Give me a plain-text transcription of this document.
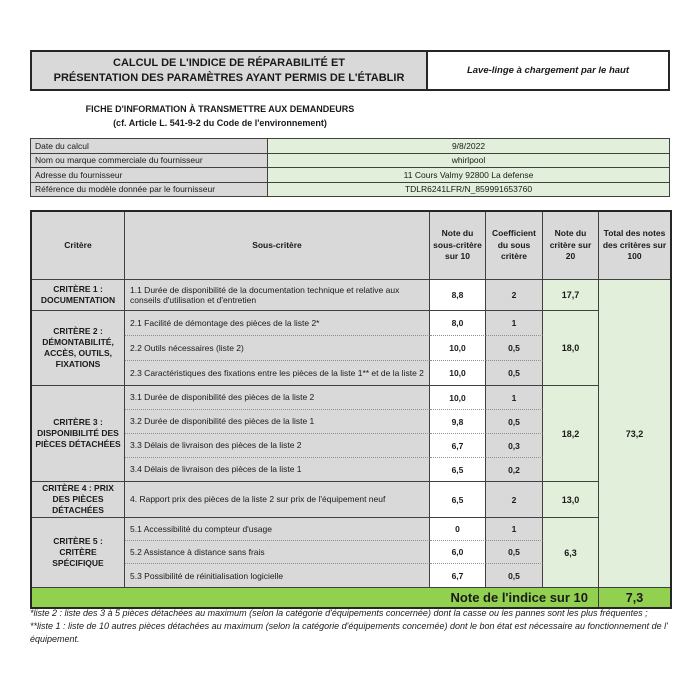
CALCUL DE L'INDICE DE RÉPARABILITÉ ET
PRÉSENTATION DES PARAMÈTRES AYANT PERMIS DE L'ÉTABLIR
Lave-linge à chargement par le haut
FICHE D'INFORMATION À TRANSMETTRE AUX DEMANDEURS
(cf. Article L. 541-9-2 du Code de l'environnement)
Date du calcul	9/8/2022
Nom ou marque commerciale du fournisseur	whirlpool
Adresse du fournisseur	11 Cours Valmy 92800 La defense
Référence du modèle donnée par le fournisseur	TDLR6241LFR/N_859991653760
Critère	Sous-critère	Note du sous-critère sur 10	Coefficient du sous critère	Note du critère sur 20	Total des notes des critères sur 100
CRITÈRE 1 : DOCUMENTATION	1.1 Durée de disponibilité de la documentation technique et relative aux conseils d'utilisation et d'entretien	8,8	2	17,7	73,2
CRITÈRE 2 : DÉMONTABILITÉ, ACCÈS, OUTILS, FIXATIONS	2.1 Facilité de démontage des pièces de la liste 2*	8,0	1	18,0	
	2.2 Outils nécessaires (liste 2)	10,0	0,5		
	2.3 Caractéristiques des fixations entre les pièces de la liste 1** et de la liste 2	10,0	0,5		
CRITÈRE 3 : DISPONIBILITÉ DES PIÈCES DÉTACHÉES	3.1 Durée de disponibilité des pièces de la liste 2	10,0	1	18,2	
	3.2 Durée de disponibilité des pièces de la liste 1	9,8	0,5		
	3.3 Délais de livraison des pièces de la liste 2	6,7	0,3		
	3.4 Délais de livraison des pièces de la liste 1	6,5	0,2		
CRITÈRE 4 : PRIX DES PIÈCES DÉTACHÉES	4. Rapport prix des pièces de la liste 2 sur prix de l'équipement neuf	6,5	2	13,0	
CRITÈRE 5 : CRITÈRE SPÉCIFIQUE	5.1 Accessibilité du compteur d'usage	0	1	6,3	
	5.2 Assistance à distance sans frais	6,0	0,5		
	5.3 Possibilité de réinitialisation logicielle	6,7	0,5		
Note de l'indice sur 10					7,3
*liste 2 : liste des 3 à 5 pièces détachées au maximum (selon la catégorie d'équipements concernée) dont la casse ou les pannes sont les plus fréquentes ;
**liste 1 : liste de 10 autres pièces détachées au maximum (selon la catégorie d'équipements concernée) dont le bon état est nécessaire au fonctionnement de l' équipement.
